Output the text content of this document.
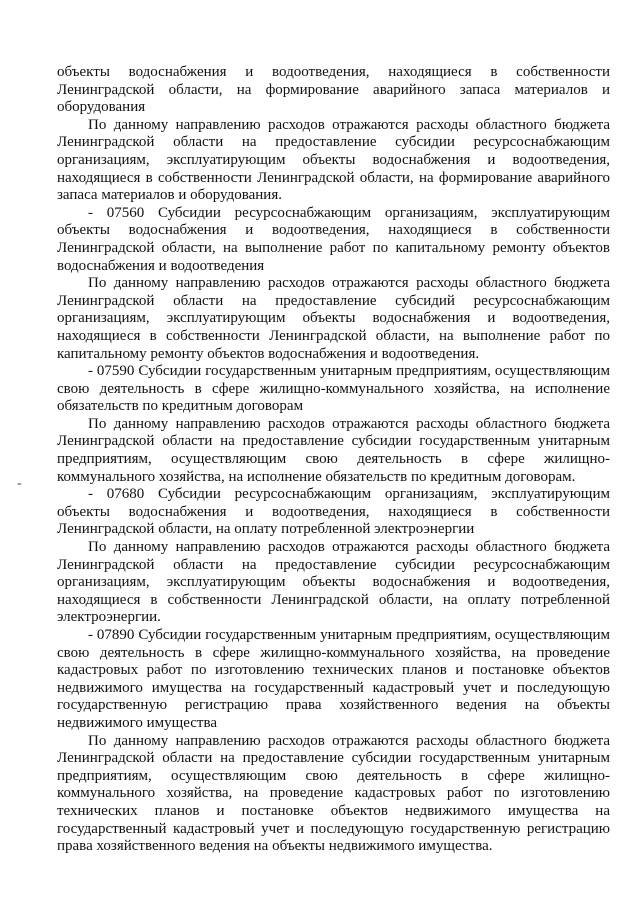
объекты водоснабжения и водоотведения, находящиеся в собственности Ленинградской области, на формирование аварийного запаса материалов и оборудования

По данному направлению расходов отражаются расходы областного бюджета Ленинградской области на предоставление субсидии ресурсоснабжающим организациям, эксплуатирующим объекты водоснабжения и водоотведения, находящиеся в собственности Ленинградской области, на формирование аварийного запаса материалов и оборудования.

- 07560 Субсидии ресурсоснабжающим организациям, эксплуатирующим объекты водоснабжения и водоотведения, находящиеся в собственности Ленинградской области, на выполнение работ по капитальному ремонту объектов водоснабжения и водоотведения

По данному направлению расходов отражаются расходы областного бюджета Ленинградской области на предоставление субсидий ресурсоснабжающим организациям, эксплуатирующим объекты водоснабжения и водоотведения, находящиеся в собственности Ленинградской области, на выполнение работ по капитальному ремонту объектов водоснабжения и водоотведения.

- 07590 Субсидии государственным унитарным предприятиям, осуществляющим свою деятельность в сфере жилищно-коммунального хозяйства, на исполнение обязательств по кредитным договорам

По данному направлению расходов отражаются расходы областного бюджета Ленинградской области на предоставление субсидии государственным унитарным предприятиям, осуществляющим свою деятельность в сфере жилищно-коммунального хозяйства, на исполнение обязательств по кредитным договорам.

- 07680 Субсидии ресурсоснабжающим организациям, эксплуатирующим объекты водоснабжения и водоотведения, находящиеся в собственности Ленинградской области, на оплату потребленной электроэнергии

По данному направлению расходов отражаются расходы областного бюджета Ленинградской области на предоставление субсидии ресурсоснабжающим организациям, эксплуатирующим объекты водоснабжения и водоотведения, находящиеся в собственности Ленинградской области, на оплату потребленной электроэнергии.

- 07890 Субсидии государственным унитарным предприятиям, осуществляющим свою деятельность в сфере жилищно-коммунального хозяйства, на проведение кадастровых работ по изготовлению технических планов и постановке объектов недвижимого имущества на государственный кадастровый учет и последующую государственную регистрацию права хозяйственного ведения на объекты недвижимого имущества

По данному направлению расходов отражаются расходы областного бюджета Ленинградской области на предоставление субсидии государственным унитарным предприятиям, осуществляющим свою деятельность в сфере жилищно-коммунального хозяйства, на проведение кадастровых работ по изготовлению технических планов и постановке объектов недвижимого имущества на государственный кадастровый учет и последующую государственную регистрацию права хозяйственного ведения на объекты недвижимого имущества.

-
